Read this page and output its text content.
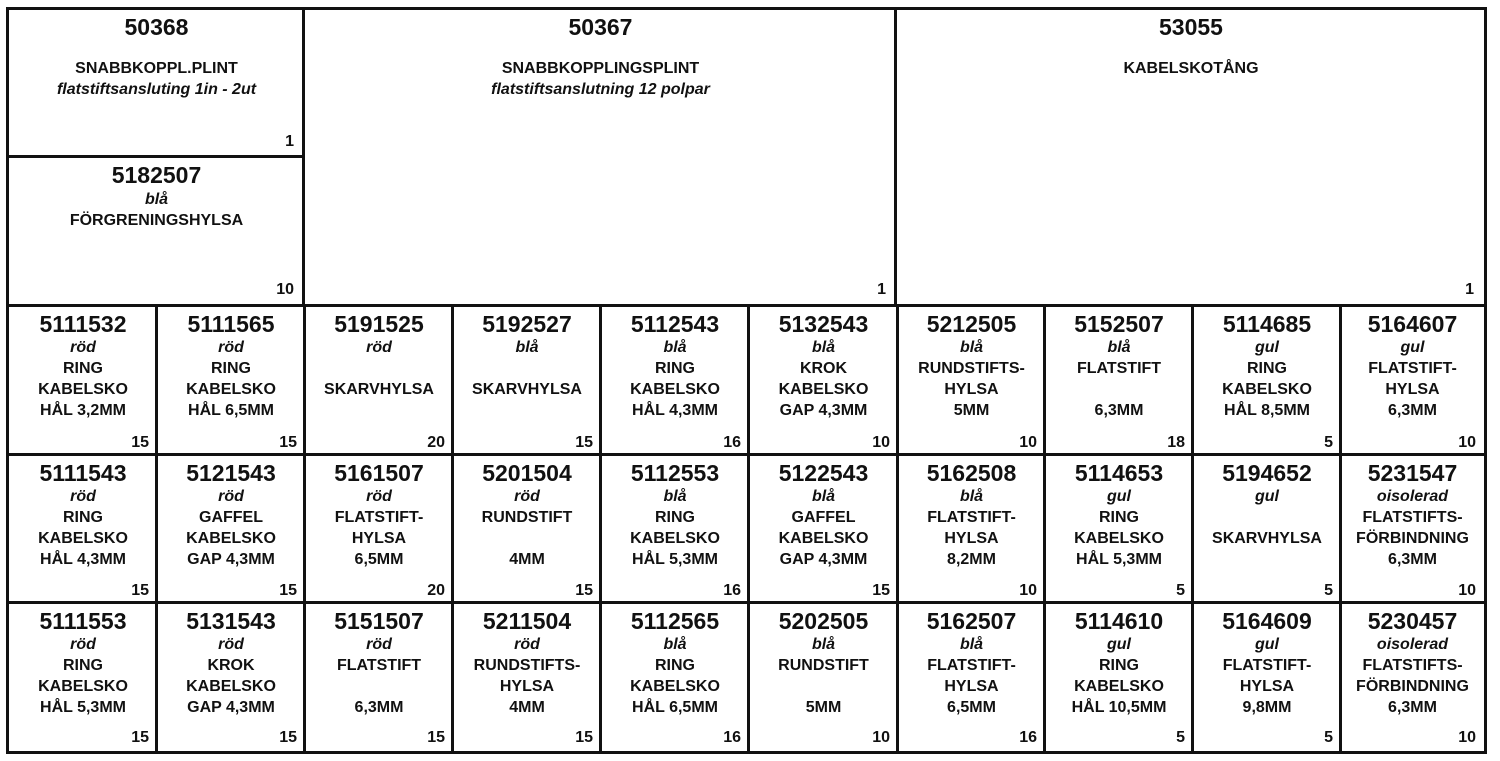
50368
SNABBKOPPL.PLINT
flatstiftsansluting 1in - 2ut
1
5182507
blå
FÖRGRENINGSHYLSA
10
50367
SNABBKOPPLINGSPLINT
flatstiftsanslutning 12 polpar
1
53055
KABELSKOTÅNG
1
5111532
röd
RING
KABELSKO
HÅL 3,2MM
15
5111565
röd
RING
KABELSKO
HÅL 6,5MM
15
5191525
röd
SKARVHYLSA
20
5192527
blå
SKARVHYLSA
15
5112543
blå
RING
KABELSKO
HÅL 4,3MM
16
5132543
blå
KROK
KABELSKO
GAP 4,3MM
10
5212505
blå
RUNDSTIFTS-
HYLSA
5MM
10
5152507
blå
FLATSTIFT
6,3MM
18
5114685
gul
RING
KABELSKO
HÅL 8,5MM
5
5164607
gul
FLATSTIFT-
HYLSA
6,3MM
10
5111543
röd
RING
KABELSKO
HÅL 4,3MM
15
5121543
röd
GAFFEL
KABELSKO
GAP 4,3MM
15
5161507
röd
FLATSTIFT-
HYLSA
6,5MM
20
5201504
röd
RUNDSTIFT
4MM
15
5112553
blå
RING
KABELSKO
HÅL 5,3MM
16
5122543
blå
GAFFEL
KABELSKO
GAP 4,3MM
15
5162508
blå
FLATSTIFT-
HYLSA
8,2MM
10
5114653
gul
RING
KABELSKO
HÅL 5,3MM
5
5194652
gul
SKARVHYLSA
5
5231547
oisolerad
FLATSTIFTS-
FÖRBINDNING
6,3MM
10
5111553
röd
RING
KABELSKO
HÅL 5,3MM
15
5131543
röd
KROK
KABELSKO
GAP 4,3MM
15
5151507
röd
FLATSTIFT
6,3MM
15
5211504
röd
RUNDSTIFTS-
HYLSA
4MM
15
5112565
blå
RING
KABELSKO
HÅL 6,5MM
16
5202505
blå
RUNDSTIFT
5MM
10
5162507
blå
FLATSTIFT-
HYLSA
6,5MM
16
5114610
gul
RING
KABELSKO
HÅL 10,5MM
5
5164609
gul
FLATSTIFT-
HYLSA
9,8MM
5
5230457
oisolerad
FLATSTIFTS-
FÖRBINDNING
6,3MM
10
